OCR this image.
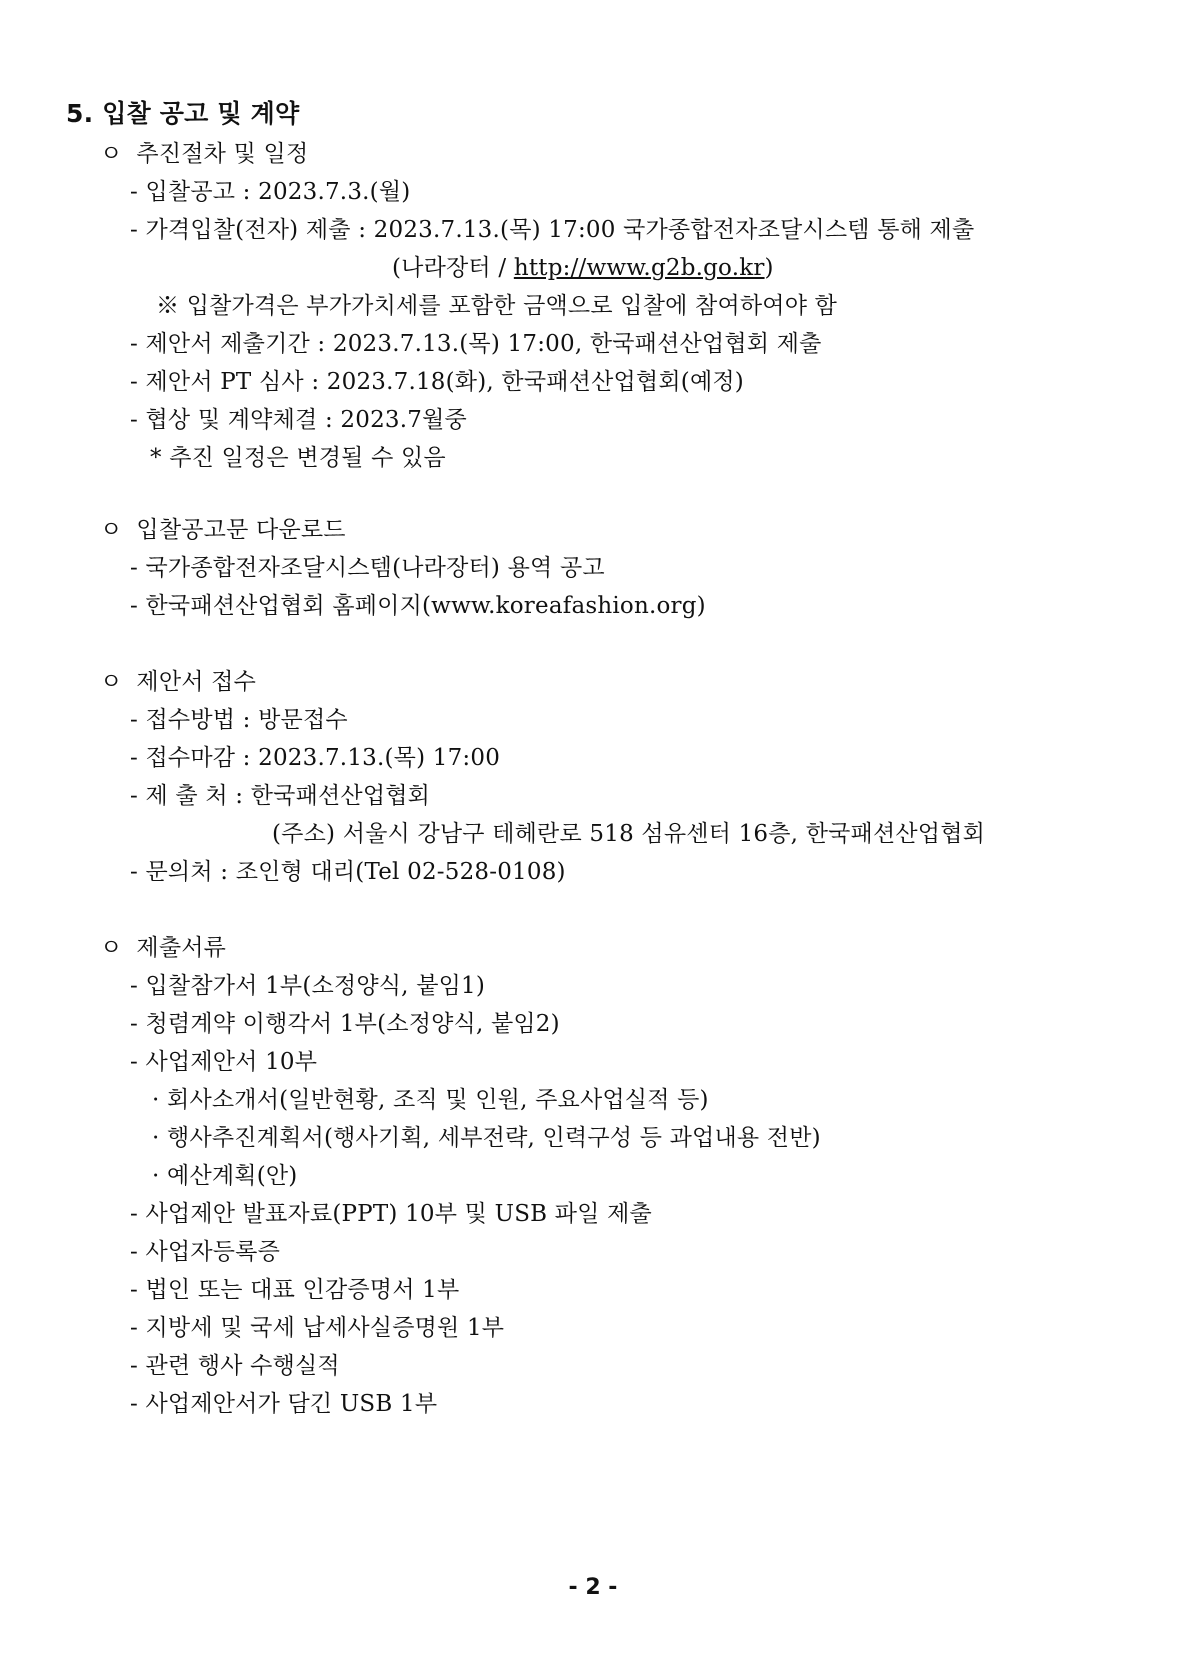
5. 입찰 공고 및 계약
ㅇ 추진절차 및 일정
- 입찰공고 : 2023.7.3.(월)
- 가격입찰(전자) 제출 : 2023.7.13.(목) 17:00 국가종합전자조달시스템 통해 제출
(나라장터 / http://www.g2b.go.kr)
※ 입찰가격은 부가가치세를 포함한 금액으로 입찰에 참여하여야 함
- 제안서 제출기간 : 2023.7.13.(목) 17:00, 한국패션산업협회 제출
- 제안서 PT 심사 : 2023.7.18(화), 한국패션산업협회(예정)
- 협상 및 계약체결 : 2023.7월중
* 추진 일정은 변경될 수 있음
ㅇ 입찰공고문 다운로드
- 국가종합전자조달시스템(나라장터) 용역 공고
- 한국패션산업협회 홈페이지(www.koreafashion.org)
ㅇ 제안서 접수
- 접수방법 : 방문접수
- 접수마감 : 2023.7.13.(목) 17:00
- 제 출 처 : 한국패션산업협회
(주소) 서울시 강남구 테헤란로 518 섬유센터 16층, 한국패션산업협회
- 문의처 : 조인형 대리(Tel 02-528-0108)
ㅇ 제출서류
- 입찰참가서 1부(소정양식, 붙임1)
- 청렴계약 이행각서 1부(소정양식, 붙임2)
- 사업제안서 10부
· 회사소개서(일반현황, 조직 및 인원, 주요사업실적 등)
· 행사추진계획서(행사기획, 세부전략, 인력구성 등 과업내용 전반)
· 예산계획(안)
- 사업제안 발표자료(PPT) 10부 및 USB 파일 제출
- 사업자등록증
- 법인 또는 대표 인감증명서 1부
- 지방세 및 국세 납세사실증명원 1부
- 관련 행사 수행실적
- 사업제안서가 담긴 USB 1부
- 2 -
